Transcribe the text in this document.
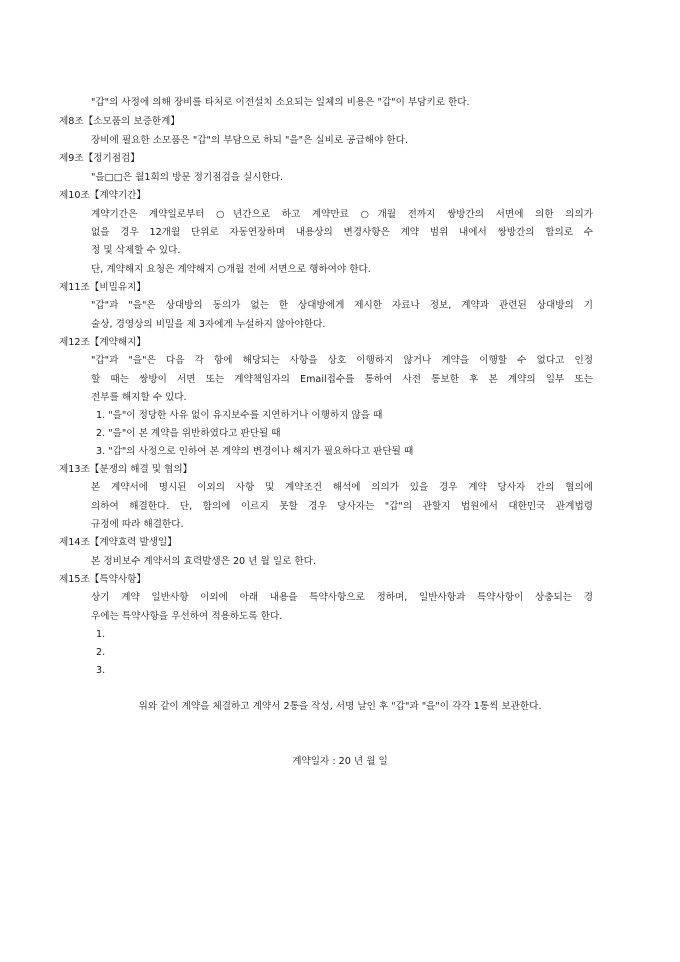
"갑"의 사정에 의해 장비를 타처로 이전설치 소요되는 일체의 비용은 "갑"이 부담키로 한다.
제8조【소모품의 보증한계】
장비에 필요한 소모품은 "갑"의 부담으로 하되 "을"은 실비로 공급해야 한다.
제9조【정기점검】
"을□□은 월1회의 방문 정기점검을 실시한다.
제10조【계약기간】
계약기간은 계약일로부터 ○년간으로 하고 계약만료 ○개월 전까지 쌍방간의 서면에 의한 의의가
없을 경우 12개월 단위로 자동연장하며 내용상의 변경사항은 계약 범위 내에서 쌍방간의 합의로 수
정 및 삭제할 수 있다.
단, 계약해지 요청은 계약해지 ○개월 전에 서면으로 행하여야 한다.
제11조【비밀유지】
"갑"과 "을"은 상대방의 동의가 없는 한 상대방에게 제시한 자료나 정보, 계약과 관련된 상대방의 기
술상, 경영상의 비밀을 제 3자에게 누설하지 않아야한다.
제12조【계약해지】
"갑"과 "을"은 다음 각 항에 해당되는 사항을 상호 이행하지 않거나 계약을 이행할 수 없다고 인정
할 때는 쌍방이 서면 또는 계약책임자의 Email접수를 통하여 사전 통보한 후 본 계약의 일부 또는
전부를 해지할 수 있다.
1. "을"이 정당한 사유 없이 유지보수를 지연하거나 이행하지 않을 때
2. "을"이 본 계약을 위반하였다고 판단될 때
3. "갑"의 사정으로 인하여 본 계약의 변경이나 해지가 필요하다고 판단될 때
제13조【분쟁의 해결 및 협의】
본 계약서에 명시된 이외의 사항 및 계약조건 해석에 의의가 있을 경우 계약 당사자 간의 협의에
의하여 해결한다. 단, 합의에 이르지 못할 경우 당사자는 "갑"의 관할지 법원에서 대한민국 관계법령
규정에 따라 해결한다.
제14조【계약효력 발생일】
본 정비보수 계약서의 효력발생은 20 년 월 일로 한다.
제15조【특약사항】
상기 계약 일반사항 이외에 아래 내용을 특약사항으로 정하며, 일반사항과 특약사항이 상충되는 경
우에는 특약사항을 우선하여 적용하도록 한다.
1.
2.
3.
위와 같이 계약을 체결하고 계약서 2통을 작성, 서명 날인 후 "갑"과 "을"이 각각 1통씩 보관한다.
계약일자 : 20 년 월 일
